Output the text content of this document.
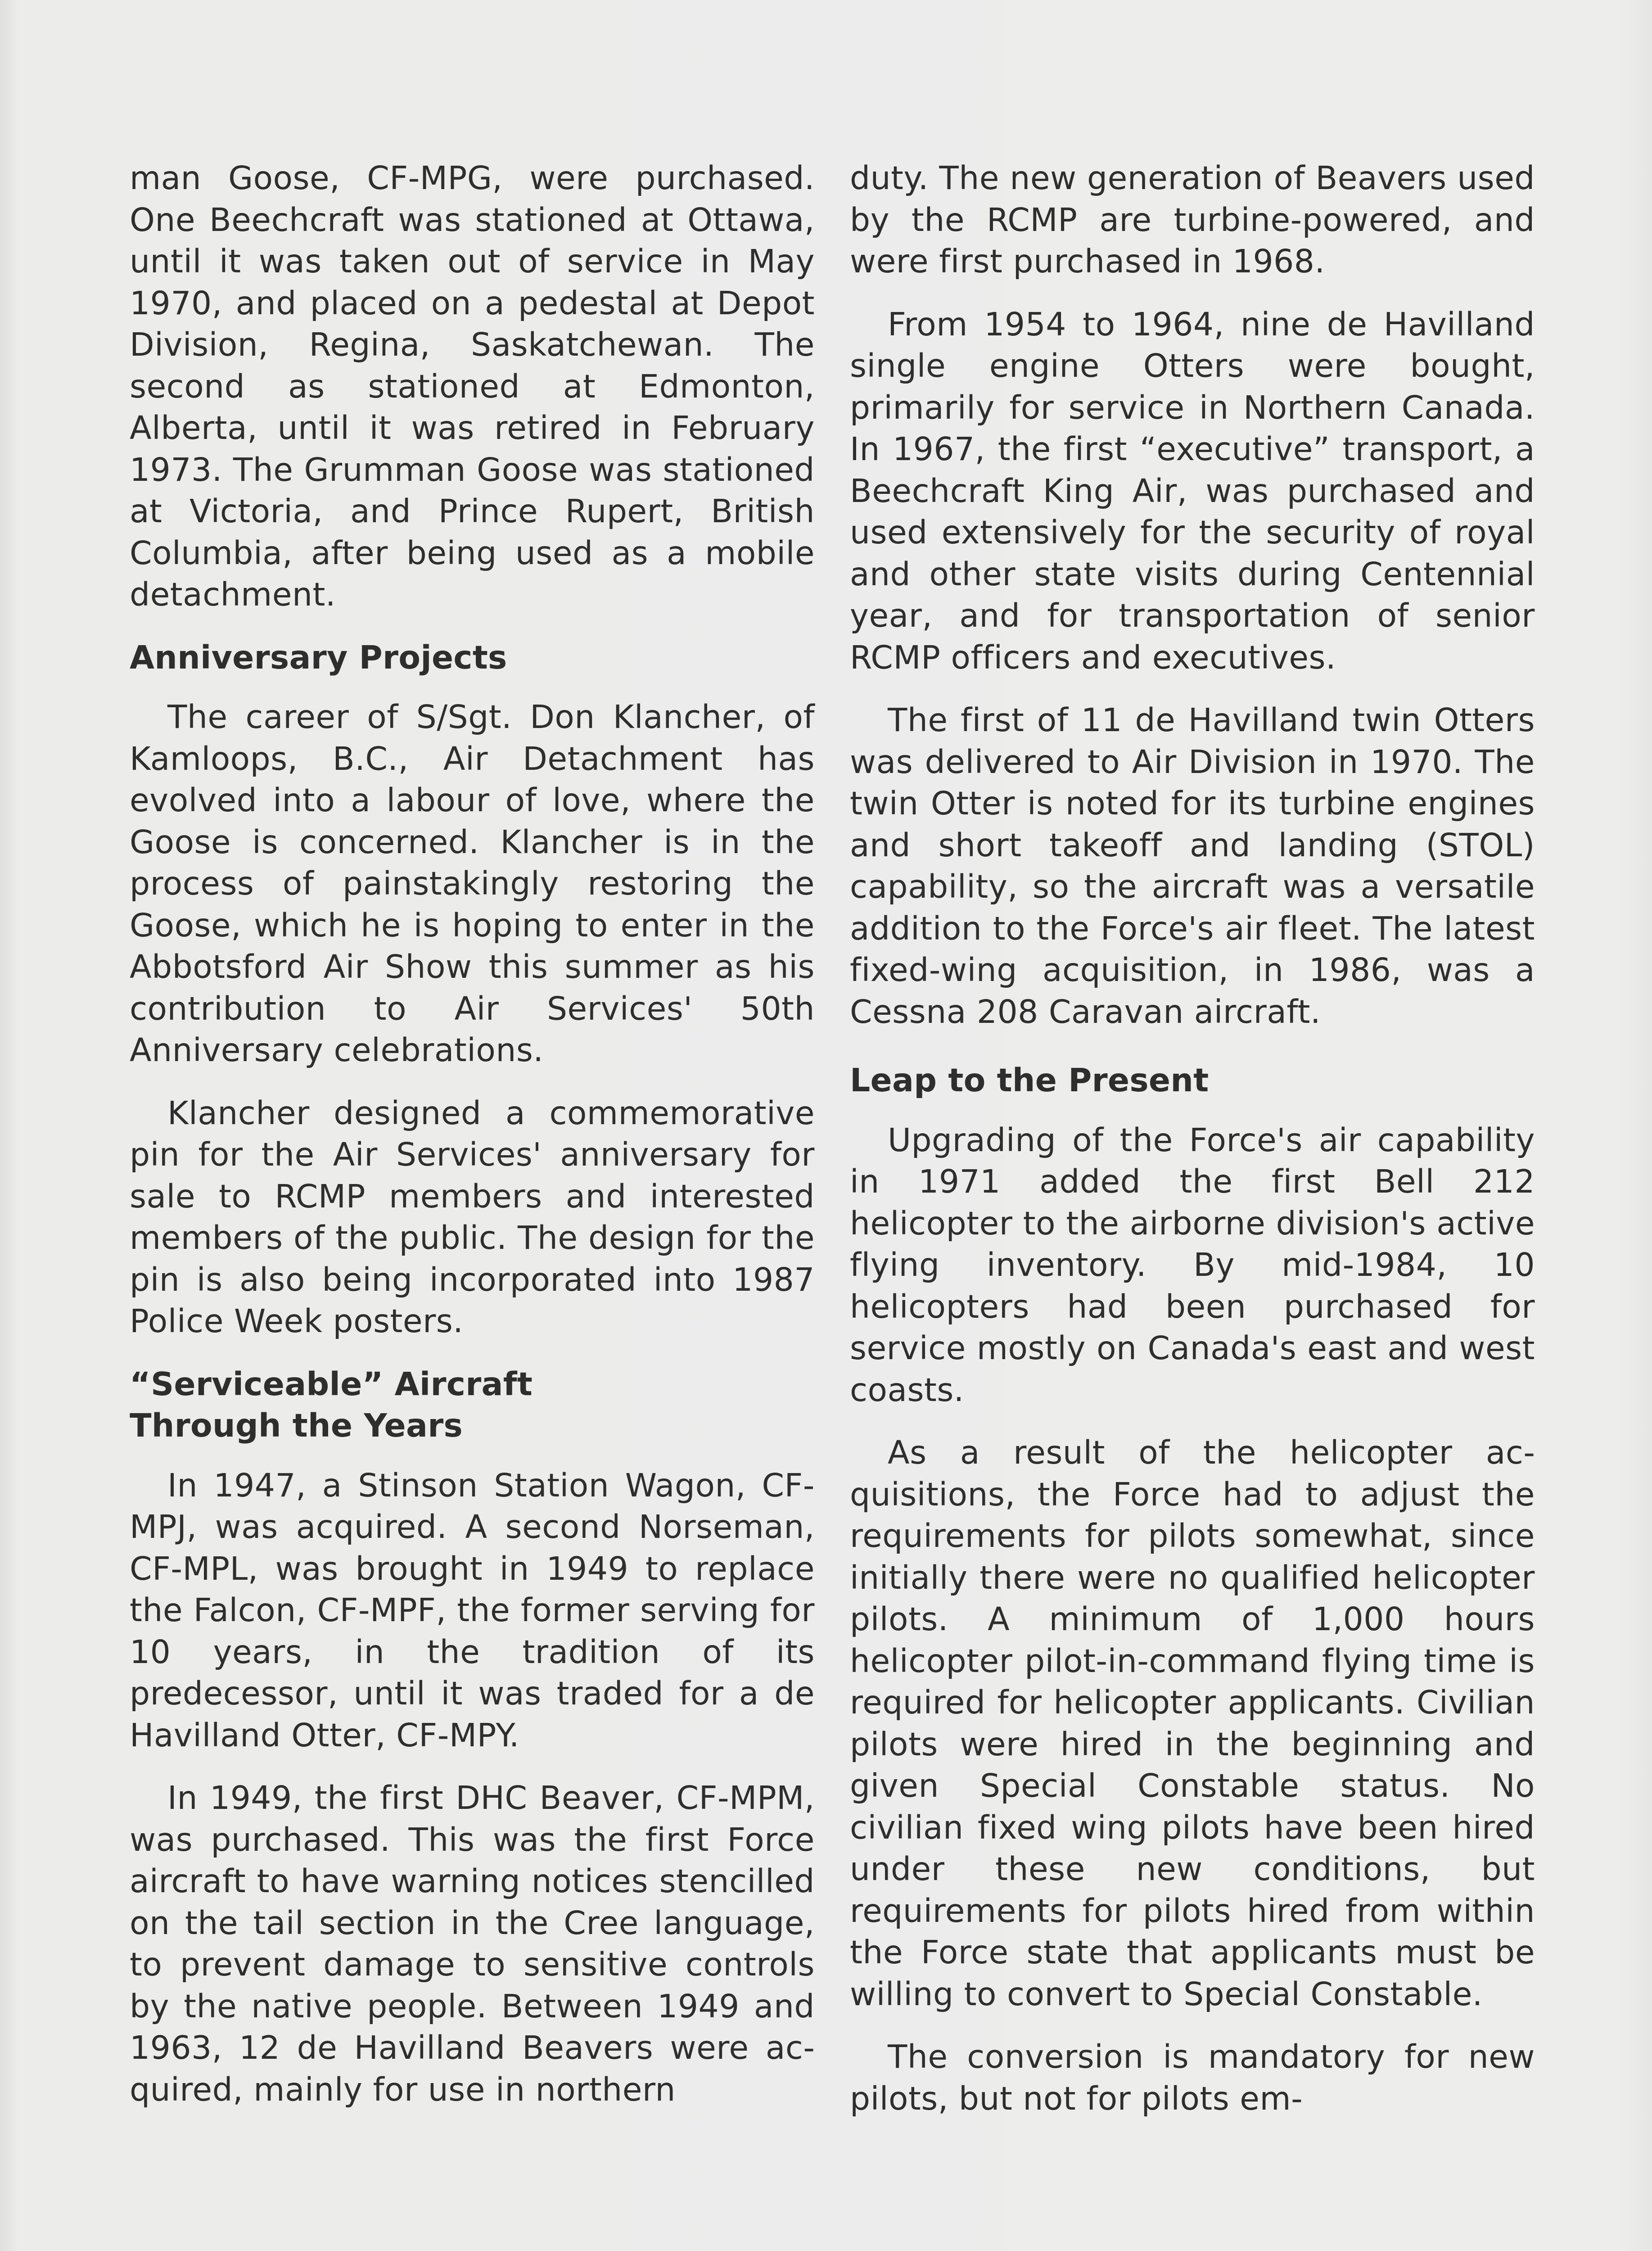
man Goose, CF-MPG, were purchased. One Beechcraft was stationed at Ottawa, until it was taken out of service in May 1970, and placed on a pedestal at Depot Division, Regina, Saskatchewan. The second as stationed at Edmonton, Alberta, until it was retired in February 1973. The Grumman Goose was stationed at Victoria, and Prince Rupert, British Columbia, after being used as a mobile detachment.

Anniversary Projects

The career of S/Sgt. Don Klancher, of Kamloops, B.C., Air Detachment has evolved into a labour of love, where the Goose is concerned. Klancher is in the process of painstakingly restoring the Goose, which he is hoping to enter in the Abbotsford Air Show this summer as his contribution to Air Services' 50th Anniversary celebrations.

Klancher designed a commemorative pin for the Air Services' anniversary for sale to RCMP members and interested members of the public. The design for the pin is also being incorporated into 1987 Police Week posters.

“Serviceable” Aircraft
Through the Years

In 1947, a Stinson Station Wagon, CF-MPJ, was acquired. A second Norseman, CF-MPL, was brought in 1949 to replace the Falcon, CF-MPF, the former serving for 10 years, in the tradition of its predecessor, until it was traded for a de Havilland Otter, CF-MPY.

In 1949, the first DHC Beaver, CF-MPM, was purchased. This was the first Force aircraft to have warning notices stencilled on the tail section in the Cree language, to prevent damage to sensitive controls by the native people. Between 1949 and 1963, 12 de Havilland Beavers were acquired, mainly for use in northern

duty. The new generation of Beavers used by the RCMP are turbine-powered, and were first purchased in 1968.

From 1954 to 1964, nine de Havilland single engine Otters were bought, primarily for service in Northern Canada. In 1967, the first “executive” transport, a Beechcraft King Air, was purchased and used extensively for the security of royal and other state visits during Centennial year, and for transportation of senior RCMP officers and executives.

The first of 11 de Havilland twin Otters was delivered to Air Division in 1970. The twin Otter is noted for its turbine engines and short takeoff and landing (STOL) capability, so the aircraft was a versatile addition to the Force's air fleet. The latest fixed-wing acquisition, in 1986, was a Cessna 208 Caravan aircraft.

Leap to the Present

Upgrading of the Force's air capability in 1971 added the first Bell 212 helicopter to the airborne division's active flying inventory. By mid-1984, 10 helicopters had been purchased for service mostly on Canada's east and west coasts.

As a result of the helicopter acquisitions, the Force had to adjust the requirements for pilots somewhat, since initially there were no qualified helicopter pilots. A minimum of 1,000 hours helicopter pilot-in-command flying time is required for helicopter applicants. Civilian pilots were hired in the beginning and given Special Constable status. No civilian fixed wing pilots have been hired under these new conditions, but requirements for pilots hired from within the Force state that applicants must be willing to convert to Special Constable.

The conversion is mandatory for new pilots, but not for pilots em-
